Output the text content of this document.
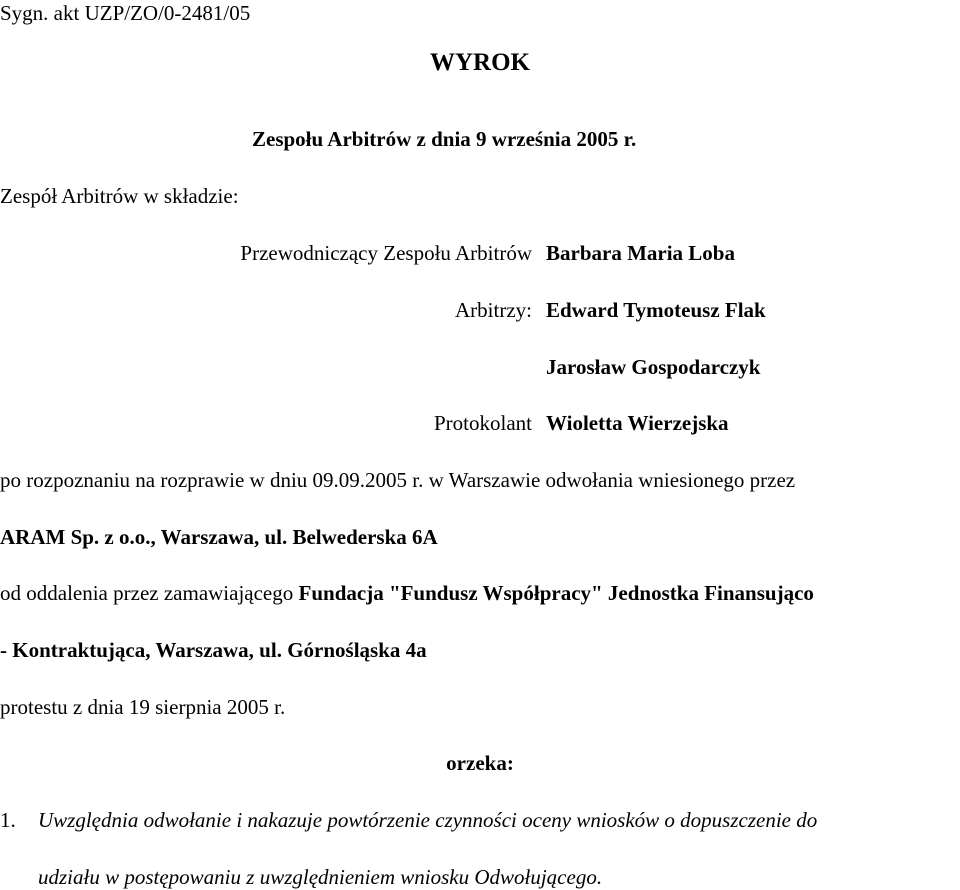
Sygn. akt UZP/ZO/0-2481/05
WYROK
Zespołu Arbitrów z dnia 9 września 2005 r.
Zespół Arbitrów w składzie:
Przewodniczący Zespołu Arbitrów Barbara Maria Loba
Arbitrzy: Edward Tymoteusz Flak
Jarosław Gospodarczyk
Protokolant Wioletta Wierzejska
po rozpoznaniu na rozprawie w dniu 09.09.2005 r. w Warszawie odwołania wniesionego przez
ARAM Sp. z o.o., Warszawa, ul. Belwederska 6A
od oddalenia przez zamawiającego Fundacja "Fundusz Współpracy" Jednostka Finansująco
- Kontraktująca, Warszawa, ul. Górnośląska 4a
protestu z dnia 19 sierpnia 2005 r.
orzeka:
1. Uwzględnia odwołanie i nakazuje powtórzenie czynności oceny wniosków o dopuszczenie do
udziału w postępowaniu z uwzględnieniem wniosku Odwołującego.
